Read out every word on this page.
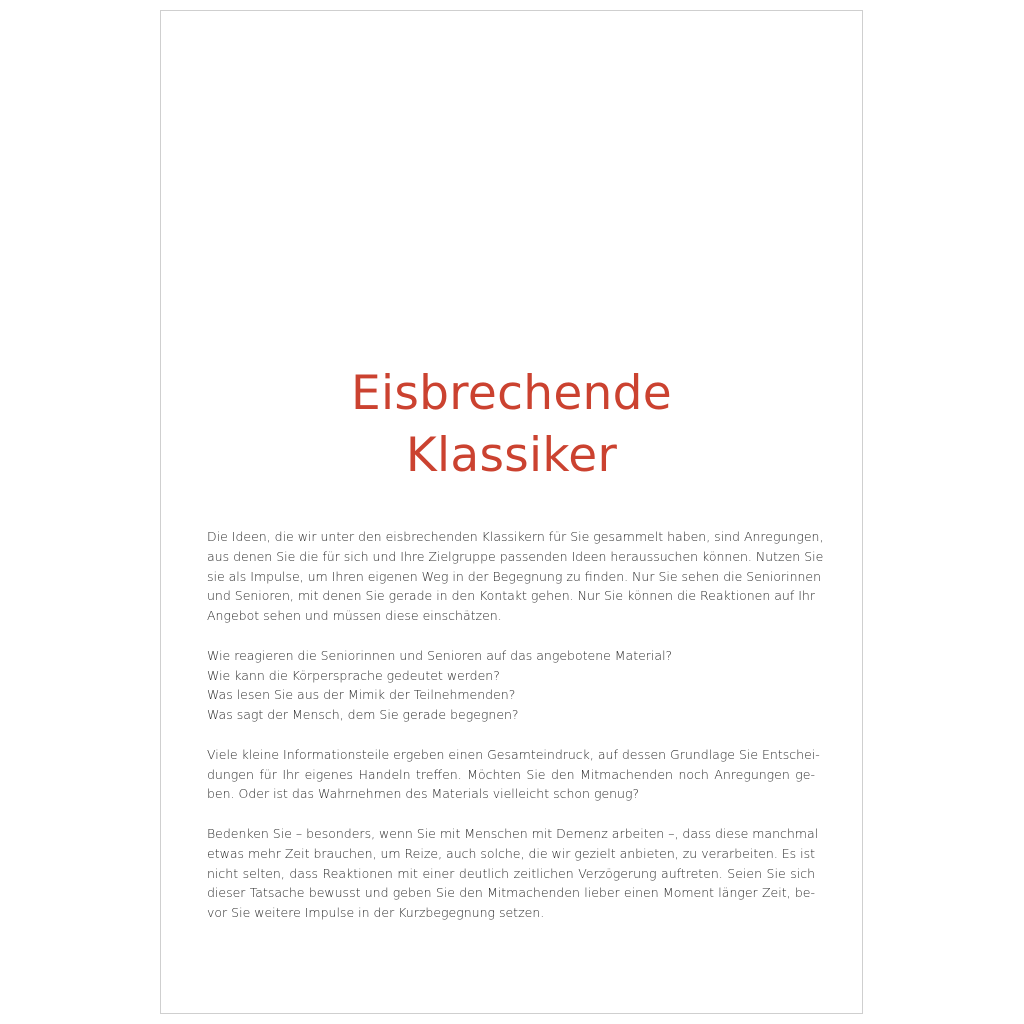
Eisbrechende
Klassiker

Die Ideen, die wir unter den eisbrechenden Klassikern für Sie gesammelt haben, sind Anregungen,
aus denen Sie die für sich und Ihre Zielgruppe passenden Ideen heraussuchen können. Nutzen Sie
sie als Impulse, um Ihren eigenen Weg in der Begegnung zu finden. Nur Sie sehen die Seniorinnen
und Senioren, mit denen Sie gerade in den Kontakt gehen. Nur Sie können die Reaktionen auf Ihr
Angebot sehen und müssen diese einschätzen.

Wie reagieren die Seniorinnen und Senioren auf das angebotene Material?
Wie kann die Körpersprache gedeutet werden?
Was lesen Sie aus der Mimik der Teilnehmenden?
Was sagt der Mensch, dem Sie gerade begegnen?

Viele kleine Informationsteile ergeben einen Gesamteindruck, auf dessen Grundlage Sie Entschei-
dungen für Ihr eigenes Handeln treffen. Möchten Sie den Mitmachenden noch Anregungen ge-
ben. Oder ist das Wahrnehmen des Materials vielleicht schon genug?

Bedenken Sie – besonders, wenn Sie mit Menschen mit Demenz arbeiten –, dass diese manchmal
etwas mehr Zeit brauchen, um Reize, auch solche, die wir gezielt anbieten, zu verarbeiten. Es ist
nicht selten, dass Reaktionen mit einer deutlich zeitlichen Verzögerung auftreten. Seien Sie sich
dieser Tatsache bewusst und geben Sie den Mitmachenden lieber einen Moment länger Zeit, be-
vor Sie weitere Impulse in der Kurzbegegnung setzen.
